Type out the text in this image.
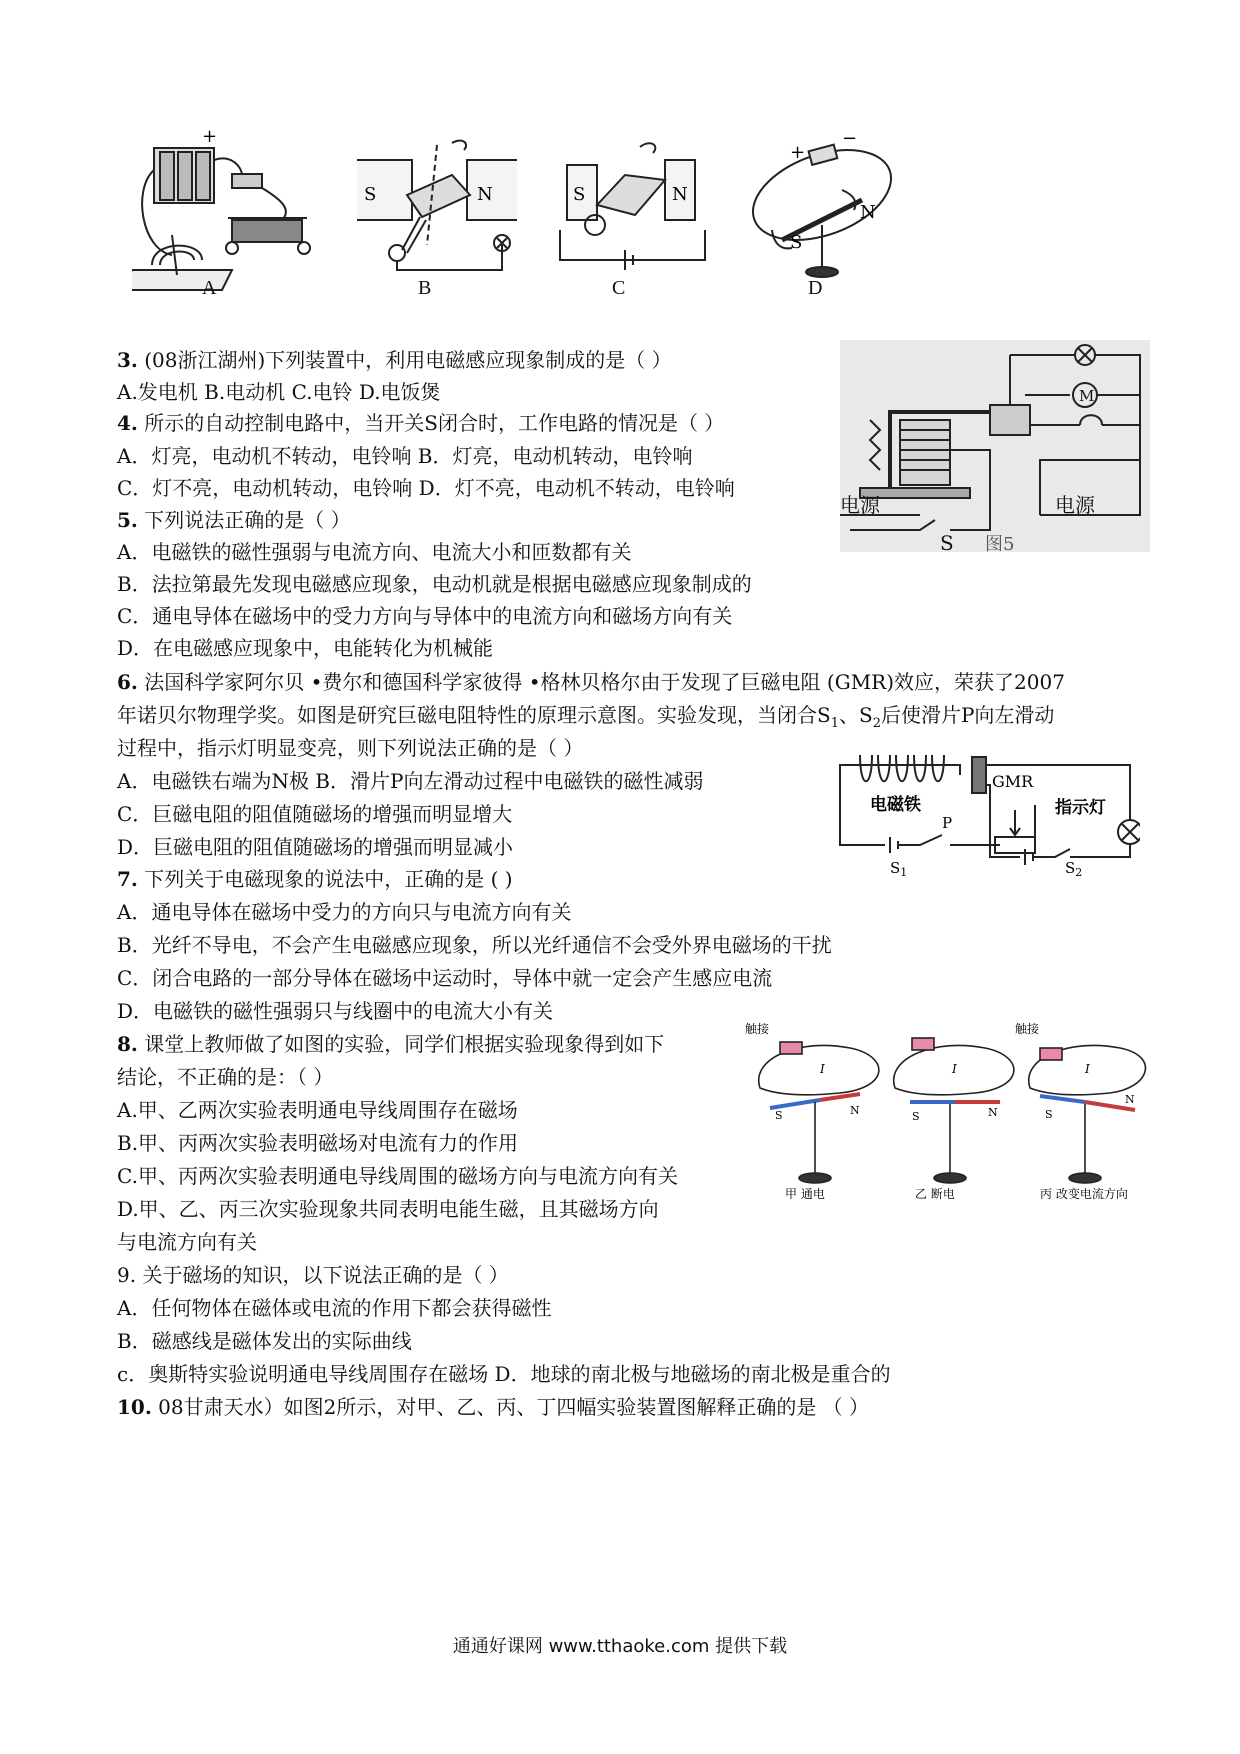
+
A
S	N
B
S	N
C
+
−
N
S
D
电源	电源
S 图5
M
GMR
指示灯
电磁铁
P
$S_1$	$S_2$
触接	触接
S	N	S	N	S
N
I	I	I
甲 通电	乙 断电	丙 改变电流方向
3. (08浙江湖州)下列装置中，利用电磁感应现象制成的是（ ）
A.发电机 B.电动机 C.电铃 D.电饭煲
4. 所示的自动控制电路中，当开关S闭合时，工作电路的情况是（ ）
A．灯亮，电动机不转动，电铃响 B．灯亮，电动机转动，电铃响
C．灯不亮，电动机转动，电铃响 D．灯不亮，电动机不转动，电铃响
5. 下列说法正确的是（ ）
A．电磁铁的磁性强弱与电流方向、电流大小和匝数都有关
B．法拉第最先发现电磁感应现象，电动机就是根据电磁感应现象制成的
C．通电导体在磁场中的受力方向与导体中的电流方向和磁场方向有关
D．在电磁感应现象中，电能转化为机械能
6. 法国科学家阿尔贝 •费尔和德国科学家彼得 •格林贝格尔由于发现了巨磁电阻 (GMR)效应，荣获了2007
年诺贝尔物理学奖。如图是研究巨磁电阻特性的原理示意图。实验发现，当闭合$S_1$、$S_2$后使滑片P向左滑动
过程中，指示灯明显变亮，则下列说法正确的是（ ）
A．电磁铁右端为N极 B．滑片P向左滑动过程中电磁铁的磁性减弱
C．巨磁电阻的阻值随磁场的增强而明显增大
D．巨磁电阻的阻值随磁场的增强而明显减小
7. 下列关于电磁现象的说法中，正确的是 ( )
A．通电导体在磁场中受力的方向只与电流方向有关
B．光纤不导电，不会产生电磁感应现象，所以光纤通信不会受外界电磁场的干扰
C．闭合电路的一部分导体在磁场中运动时，导体中就一定会产生感应电流
D．电磁铁的磁性强弱只与线圈中的电流大小有关
8. 课堂上教师做了如图的实验，同学们根据实验现象得到如下
结论，不正确的是：（ ）
A.甲、乙两次实验表明通电导线周围存在磁场
B.甲、丙两次实验表明磁场对电流有力的作用
C.甲、丙两次实验表明通电导线周围的磁场方向与电流方向有关
D.甲、乙、丙三次实验现象共同表明电能生磁，且其磁场方向
与电流方向有关
9. 关于磁场的知识，以下说法正确的是（ ）
A．任何物体在磁体或电流的作用下都会获得磁性
B．磁感线是磁体发出的实际曲线
c．奥斯特实验说明通电导线周围存在磁场 D．地球的南北极与地磁场的南北极是重合的
10. 08甘肃天水）如图2所示，对甲、乙、丙、丁四幅实验装置图解释正确的是 （ ）
通通好课网 www.tthaoke.com 提供下载
